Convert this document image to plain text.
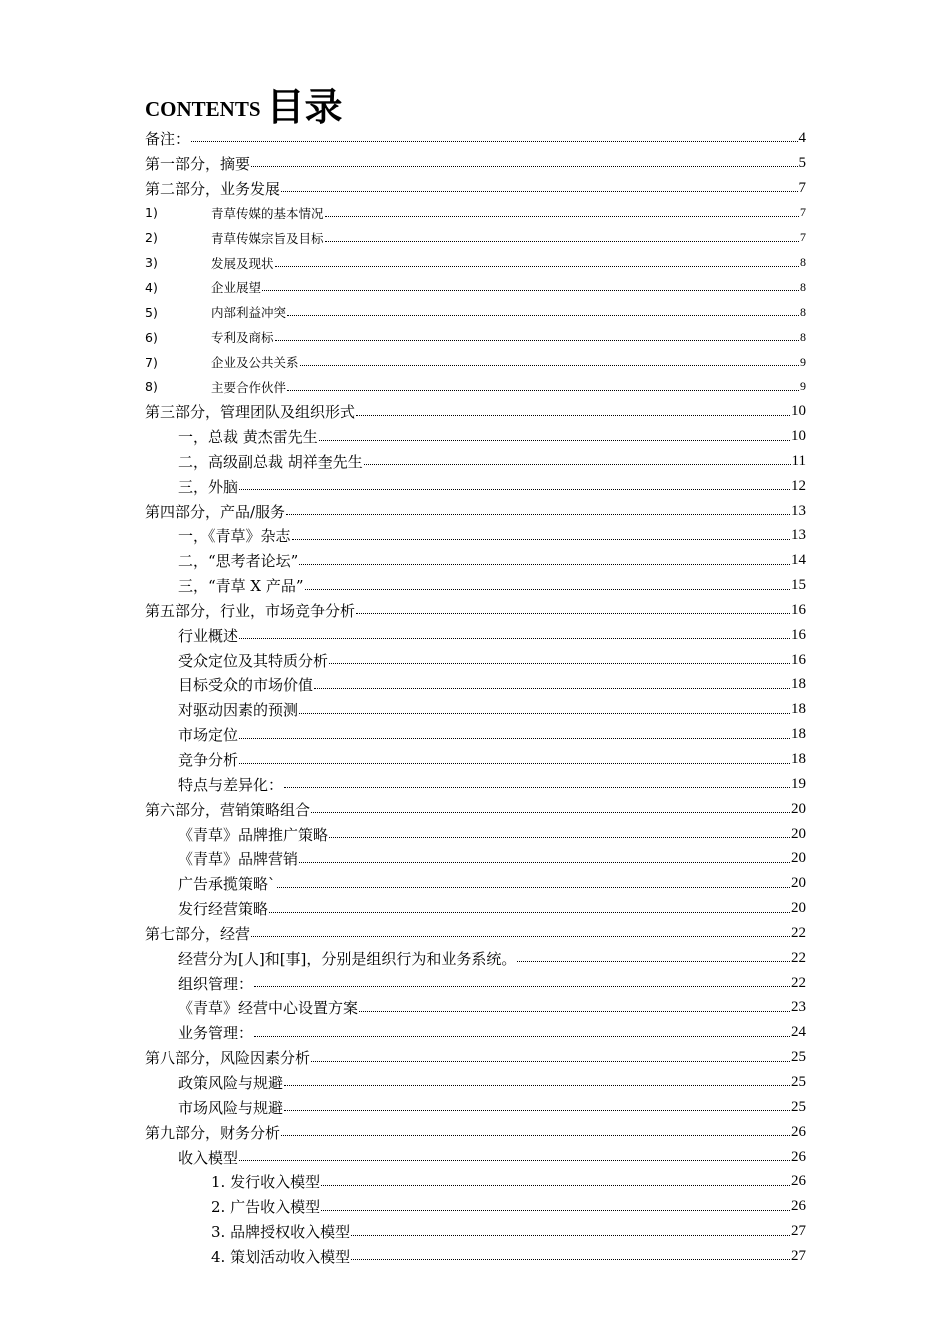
CONTENTS 目录
备注：	4
第一部分，摘要	5
第二部分，业务发展	7
1)	青草传媒的基本情况	7
2)	青草传媒宗旨及目标	7
3)	发展及现状	8
4)	企业展望	8
5)	内部利益冲突	8
6)	专利及商标	8
7)	企业及公共关系	9
8)	主要合作伙伴	9
第三部分，管理团队及组织形式	10
一，总裁 黄杰雷先生	10
二，高级副总裁 胡祥奎先生	11
三，外脑	12
第四部分，产品/服务	13
一，《青草》杂志	13
二，“思考者论坛”	14
三，“青草 X 产品”	15
第五部分，行业，市场竞争分析	16
行业概述	16
受众定位及其特质分析	16
目标受众的市场价值	18
对驱动因素的预测	18
市场定位	18
竞争分析	18
特点与差异化：	19
第六部分，营销策略组合	20
《青草》品牌推广策略	20
《青草》品牌营销	20
广告承揽策略`	20
发行经营策略	20
第七部分，经营	22
经营分为[人]和[事]，分别是组织行为和业务系统。	22
组织管理：	22
《青草》经营中心设置方案	23
业务管理：	24
第八部分，风险因素分析	25
政策风险与规避	25
市场风险与规避	25
第九部分，财务分析	26
收入模型	26
1. 发行收入模型	26
2. 广告收入模型	26
3. 品牌授权收入模型	27
4. 策划活动收入模型	27
